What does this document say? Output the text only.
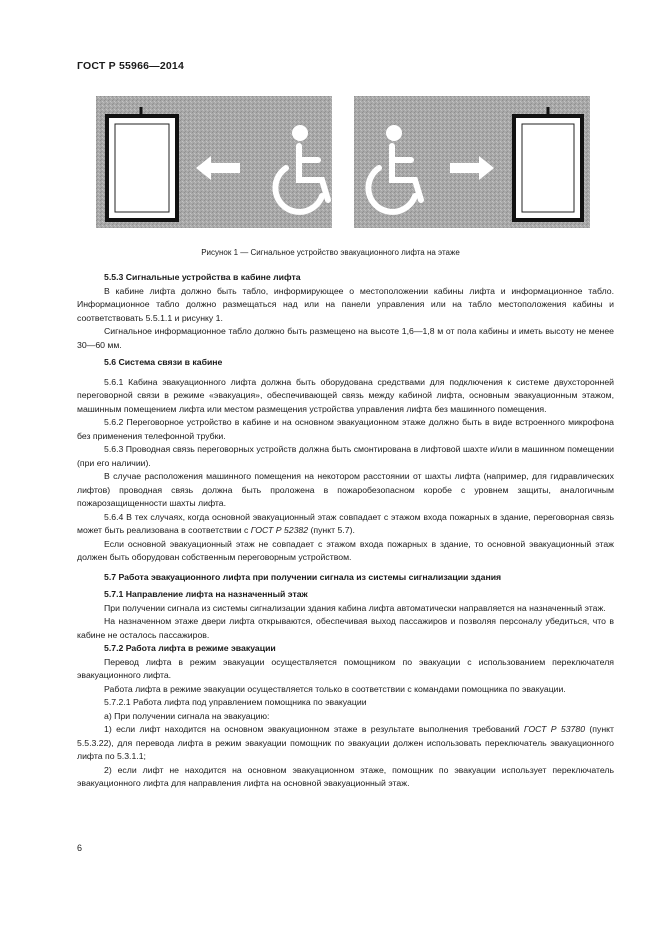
ГОСТ Р 55966—2014
Рисунок 1 — Сигнальное устройство эвакуационного лифта на этаже

5.5.3 Сигнальные устройства в кабине лифта

В кабине лифта должно быть табло, информирующее о местоположении кабины лифта и информационное табло. Информационное табло должно размещаться над или на панели управления или на табло местоположения кабины и соответствовать 5.5.1.1 и рисунку 1.

Сигнальное информационное табло должно быть размещено на высоте 1,6—1,8 м от пола кабины и иметь высоту не менее 30—60 мм.

5.6 Система связи в кабине

5.6.1 Кабина эвакуационного лифта должна быть оборудована средствами для подключения к системе двухсторонней переговорной связи в режиме «эвакуация», обеспечивающей связь между кабиной лифта, основным эвакуационным этажом, машинным помещением лифта или местом размещения устройства управления лифта без машинного помещения.

5.6.2 Переговорное устройство в кабине и на основном эвакуационном этаже должно быть в виде встроенного микрофона без применения телефонной трубки.

5.6.3 Проводная связь переговорных устройств должна быть смонтирована в лифтовой шахте и/или в машинном помещении (при его наличии).

В случае расположения машинного помещения на некотором расстоянии от шахты лифта (например, для гидравлических лифтов) проводная связь должна быть проложена в пожаробезопасном коробе с уровнем защиты, аналогичным пожарозащищенности шахты лифта.

5.6.4 В тех случаях, когда основной эвакуационный этаж совпадает с этажом входа пожарных в здание, переговорная связь может быть реализована в соответствии с ГОСТ Р 52382 (пункт 5.7).

Если основной эвакуационный этаж не совпадает с этажом входа пожарных в здание, то основной эвакуационный этаж должен быть оборудован собственным переговорным устройством.

5.7 Работа эвакуационного лифта при получении сигнала из системы сигнализации здания

5.7.1 Направление лифта на назначенный этаж

При получении сигнала из системы сигнализации здания кабина лифта автоматически направляется на назначенный этаж.

На назначенном этаже двери лифта открываются, обеспечивая выход пассажиров и позволяя персоналу убедиться, что в кабине не осталось пассажиров.

5.7.2 Работа лифта в режиме эвакуации

Перевод лифта в режим эвакуации осуществляется помощником по эвакуации с использованием переключателя эвакуационного лифта.

Работа лифта в режиме эвакуации осуществляется только в соответствии с командами помощника по эвакуации.

5.7.2.1 Работа лифта под управлением помощника по эвакуации

а) При получении сигнала на эвакуацию:

1) если лифт находится на основном эвакуационном этаже в результате выполнения требований ГОСТ Р 53780 (пункт 5.5.3.22), для перевода лифта в режим эвакуации помощник по эвакуации должен использовать переключатель эвакуационного лифта по 5.3.1.1;

2) если лифт не находится на основном эвакуационном этаже, помощник по эвакуации использует переключатель эвакуационного лифта для направления лифта на основной эвакуационный этаж.

6
